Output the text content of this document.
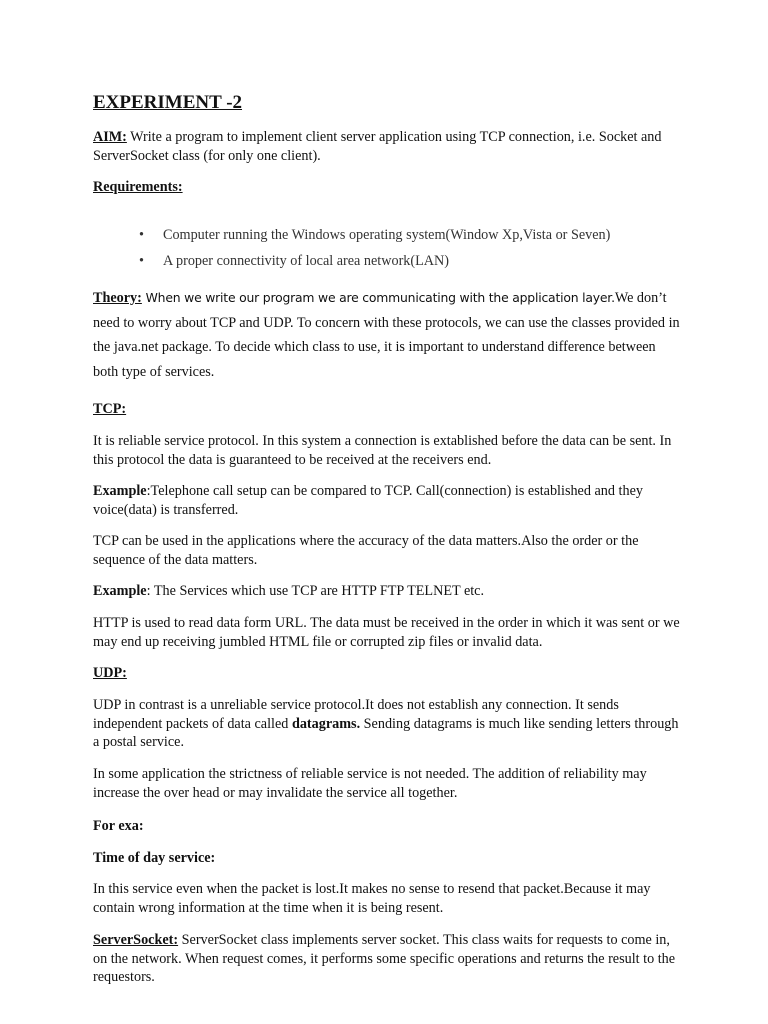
EXPERIMENT -2

AIM: Write a program to implement client server application using TCP connection, i.e. Socket and ServerSocket class (for only one client).

Requirements:

• Computer running the Windows operating system(Window Xp,Vista or Seven)
• A proper connectivity of local area network(LAN)

Theory: When we write our program we are communicating with the application layer.We don’t need to worry about TCP and UDP. To concern with these protocols, we can use the classes provided in the java.net package. To decide which class to use, it is important to understand difference between both type of services.

TCP:

It is reliable service protocol. In this system a connection is extablished before the data can be sent. In this protocol the data is guaranteed to be received at the receivers end.

Example:Telephone call setup can be compared to TCP. Call(connection) is established and they voice(data) is transferred.

TCP can be used in the applications where the accuracy of the data matters.Also the order or the sequence of the data matters.

Example: The Services which use TCP are HTTP FTP TELNET etc.

HTTP is used to read data form URL. The data must be received in the order in which it was sent or we may end up receiving jumbled HTML file or corrupted zip files or invalid data.

UDP:

UDP in contrast is a unreliable service protocol.It does not establish any connection. It sends independent packets of data called datagrams. Sending datagrams is much like sending letters through a postal service.

In some application the strictness of reliable service is not needed. The addition of reliability may increase the over head or may invalidate the service all together.

For exa:

Time of day service:

In this service even when the packet is lost.It makes no sense to resend that packet.Because it may contain wrong information at the time when it is being resent.

ServerSocket: ServerSocket class implements server socket. This class waits for requests to come in, on the network. When request comes, it performs some specific operations and returns the result to the requestors.
